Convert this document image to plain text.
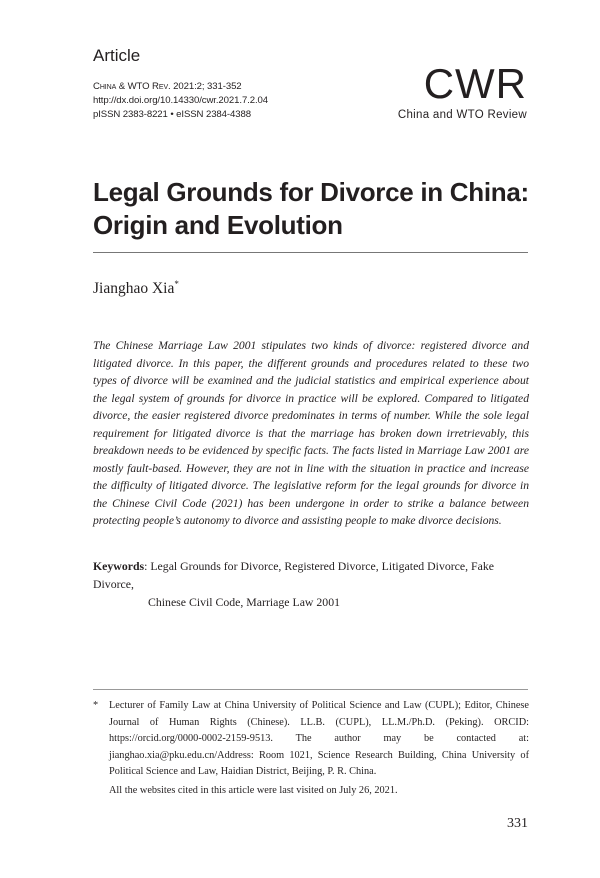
Article
China & WTO Rev. 2021:2; 331-352
http://dx.doi.org/10.14330/cwr.2021.7.2.04
pISSN 2383-8221 • eISSN 2384-4388
CWR
China and WTO Review
Legal Grounds for Divorce in China:
Origin and Evolution
Jianghao Xia*
The Chinese Marriage Law 2001 stipulates two kinds of divorce: registered divorce and litigated divorce. In this paper, the different grounds and procedures related to these two types of divorce will be examined and the judicial statistics and empirical experience about the legal system of grounds for divorce in practice will be explored. Compared to litigated divorce, the easier registered divorce predominates in terms of number. While the sole legal requirement for litigated divorce is that the marriage has broken down irretrievably, this breakdown needs to be evidenced by specific facts. The facts listed in Marriage Law 2001 are mostly fault-based. However, they are not in line with the situation in practice and increase the difficulty of litigated divorce. The legislative reform for the legal grounds for divorce in the Chinese Civil Code (2021) has been undergone in order to strike a balance between protecting people’s autonomy to divorce and assisting people to make divorce decisions.
Keywords: Legal Grounds for Divorce, Registered Divorce, Litigated Divorce, Fake Divorce,
Chinese Civil Code, Marriage Law 2001
* Lecturer of Family Law at China University of Political Science and Law (CUPL); Editor, Chinese Journal of Human Rights (Chinese). LL.B. (CUPL), LL.M./Ph.D. (Peking). ORCID: https://orcid.org/0000-0002-2159-9513. The author may be contacted at: jianghao.xia@pku.edu.cn/Address: Room 1021, Science Research Building, China University of Political Science and Law, Haidian District, Beijing, P. R. China.
All the websites cited in this article were last visited on July 26, 2021.
331
